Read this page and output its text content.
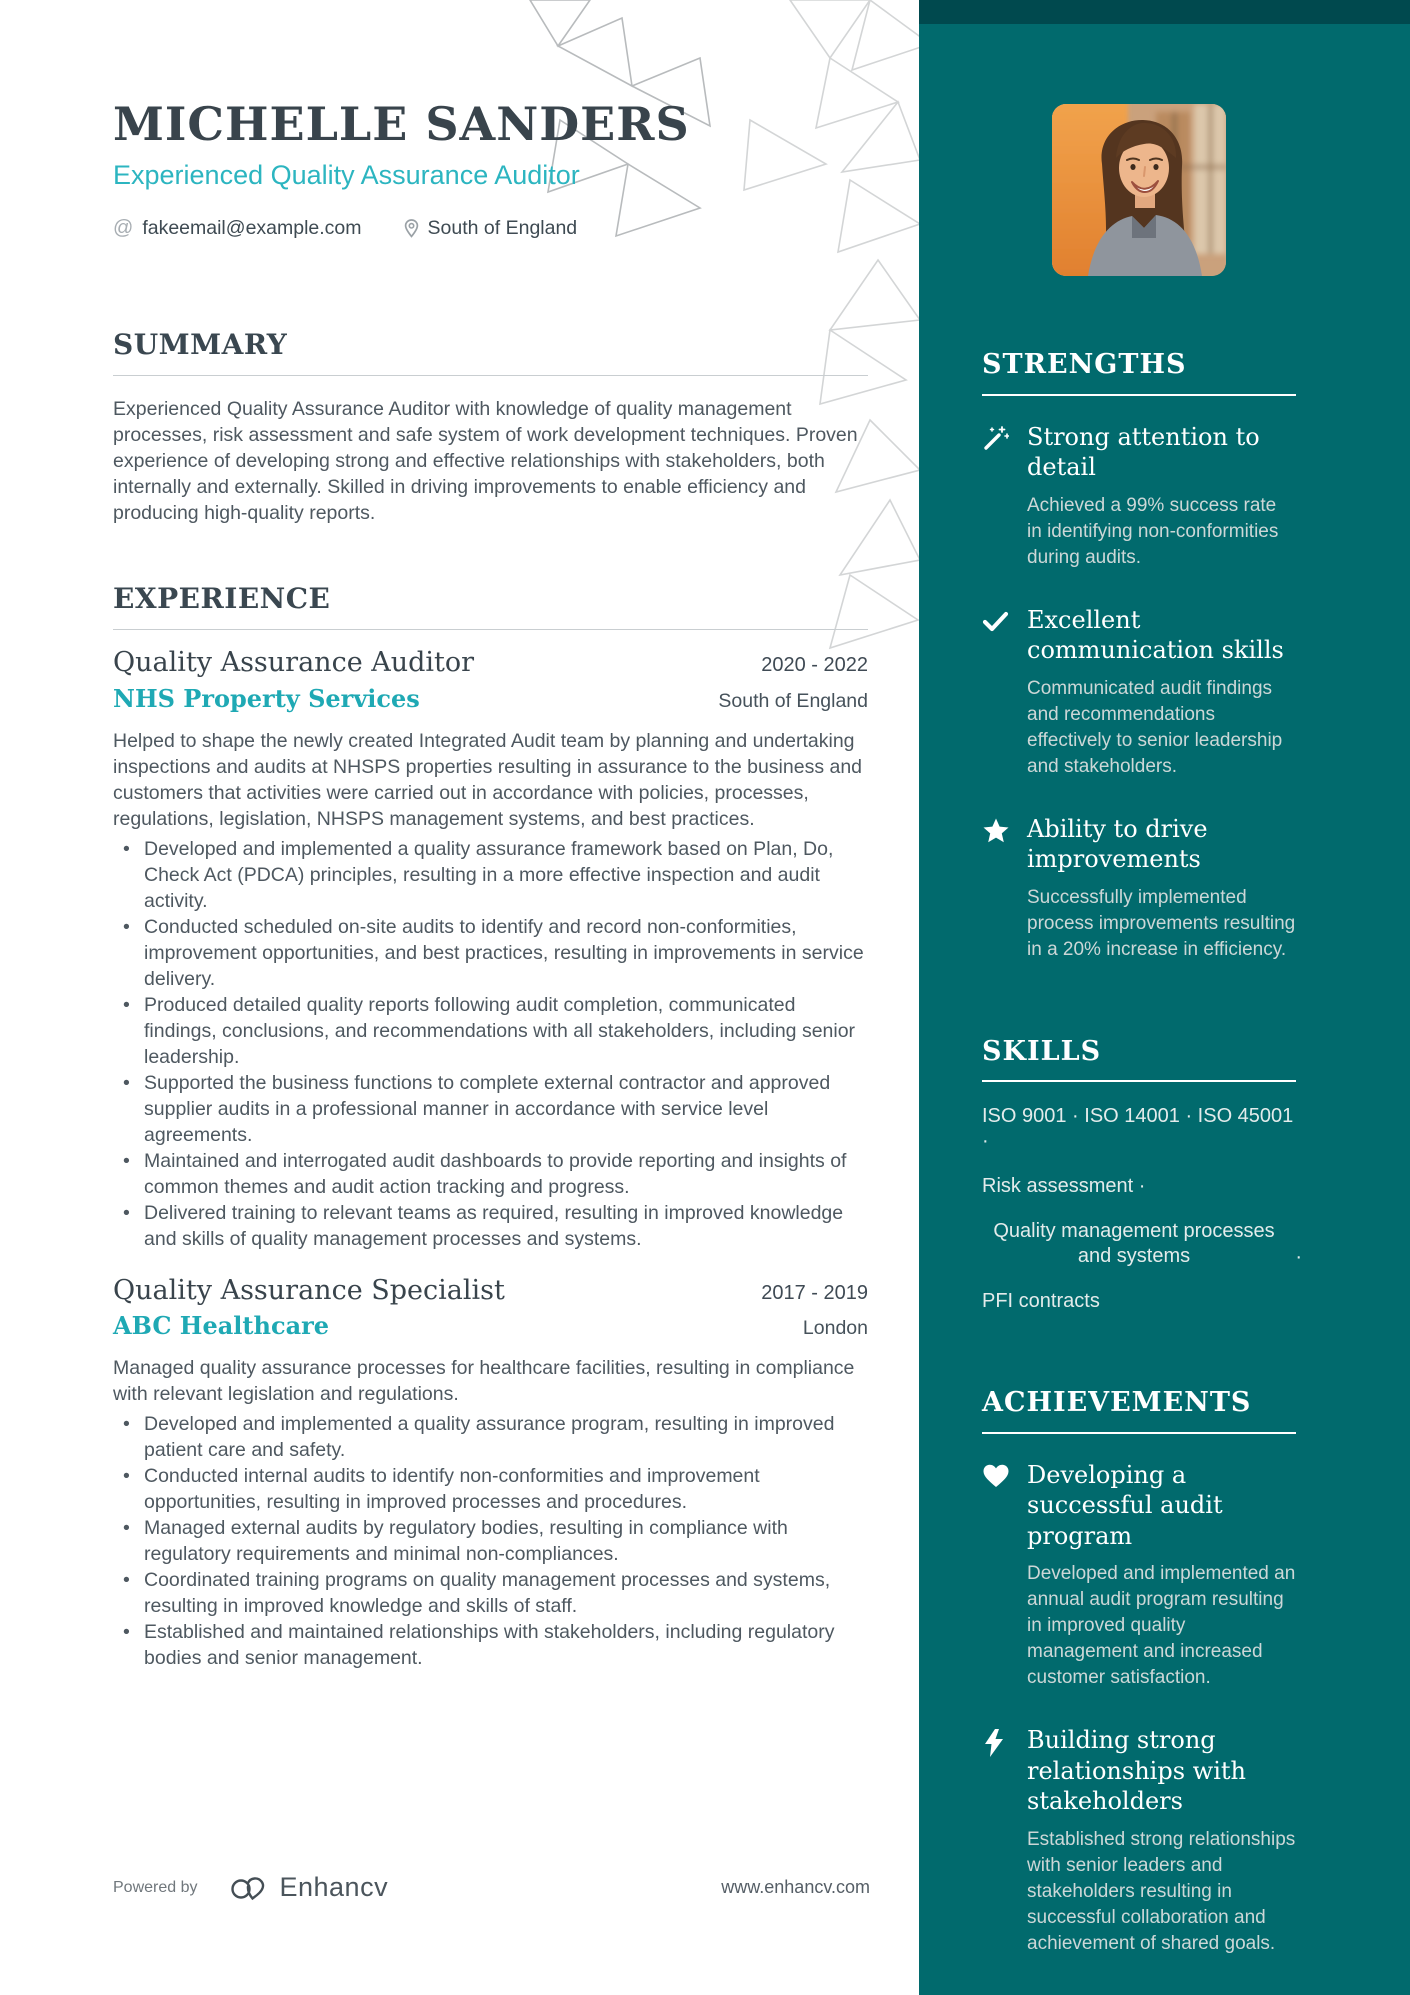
MICHELLE SANDERS
Experienced Quality Assurance Auditor
@ fakeemail@example.com	South of England
SUMMARY

Experienced Quality Assurance Auditor with knowledge of quality management processes, risk assessment and safe system of work development techniques. Proven experience of developing strong and effective relationships with stakeholders, both internally and externally. Skilled in driving improvements to enable efficiency and producing high-quality reports.

EXPERIENCE
Quality Assurance Auditor	2020 - 2022
NHS Property Services	South of England

Helped to shape the newly created Integrated Audit team by planning and undertaking inspections and audits at NHSPS properties resulting in assurance to the business and customers that activities were carried out in accordance with policies, processes, regulations, legislation, NHSPS management systems, and best practices.

• Developed and implemented a quality assurance framework based on Plan, Do, Check Act (PDCA) principles, resulting in a more effective inspection and audit activity.
• Conducted scheduled on-site audits to identify and record non-conformities, improvement opportunities, and best practices, resulting in improvements in service delivery.
• Produced detailed quality reports following audit completion, communicated findings, conclusions, and recommendations with all stakeholders, including senior leadership.
• Supported the business functions to complete external contractor and approved supplier audits in a professional manner in accordance with service level agreements.
• Maintained and interrogated audit dashboards to provide reporting and insights of common themes and audit action tracking and progress.
• Delivered training to relevant teams as required, resulting in improved knowledge and skills of quality management processes and systems.
Quality Assurance Specialist	2017 - 2019
ABC Healthcare	London

Managed quality assurance processes for healthcare facilities, resulting in compliance with relevant legislation and regulations.

• Developed and implemented a quality assurance program, resulting in improved patient care and safety.
• Conducted internal audits to identify non-conformities and improvement opportunities, resulting in improved processes and procedures.
• Managed external audits by regulatory bodies, resulting in compliance with regulatory requirements and minimal non-compliances.
• Coordinated training programs on quality management processes and systems, resulting in improved knowledge and skills of staff.
• Established and maintained relationships with stakeholders, including regulatory bodies and senior management.
Powered by	Enhancv	www.enhancv.com
STRENGTHS
Strong attention to detail

Achieved a 99% success rate in identifying non-conformities during audits.

Excellent communication skills

Communicated audit findings and recommendations effectively to senior leadership and stakeholders.

Ability to drive improvements

Successfully implemented process improvements resulting in a 20% increase in efficiency.

SKILLS
ISO 9001 · ISO 14001 · ISO 45001 ·
Risk assessment ·
Quality management processes and systems	·
PFI contracts
ACHIEVEMENTS
Developing a successful audit program

Developed and implemented an annual audit program resulting in improved quality management and increased customer satisfaction.

Building strong relationships with stakeholders

Established strong relationships with senior leaders and stakeholders resulting in successful collaboration and achievement of shared goals.
